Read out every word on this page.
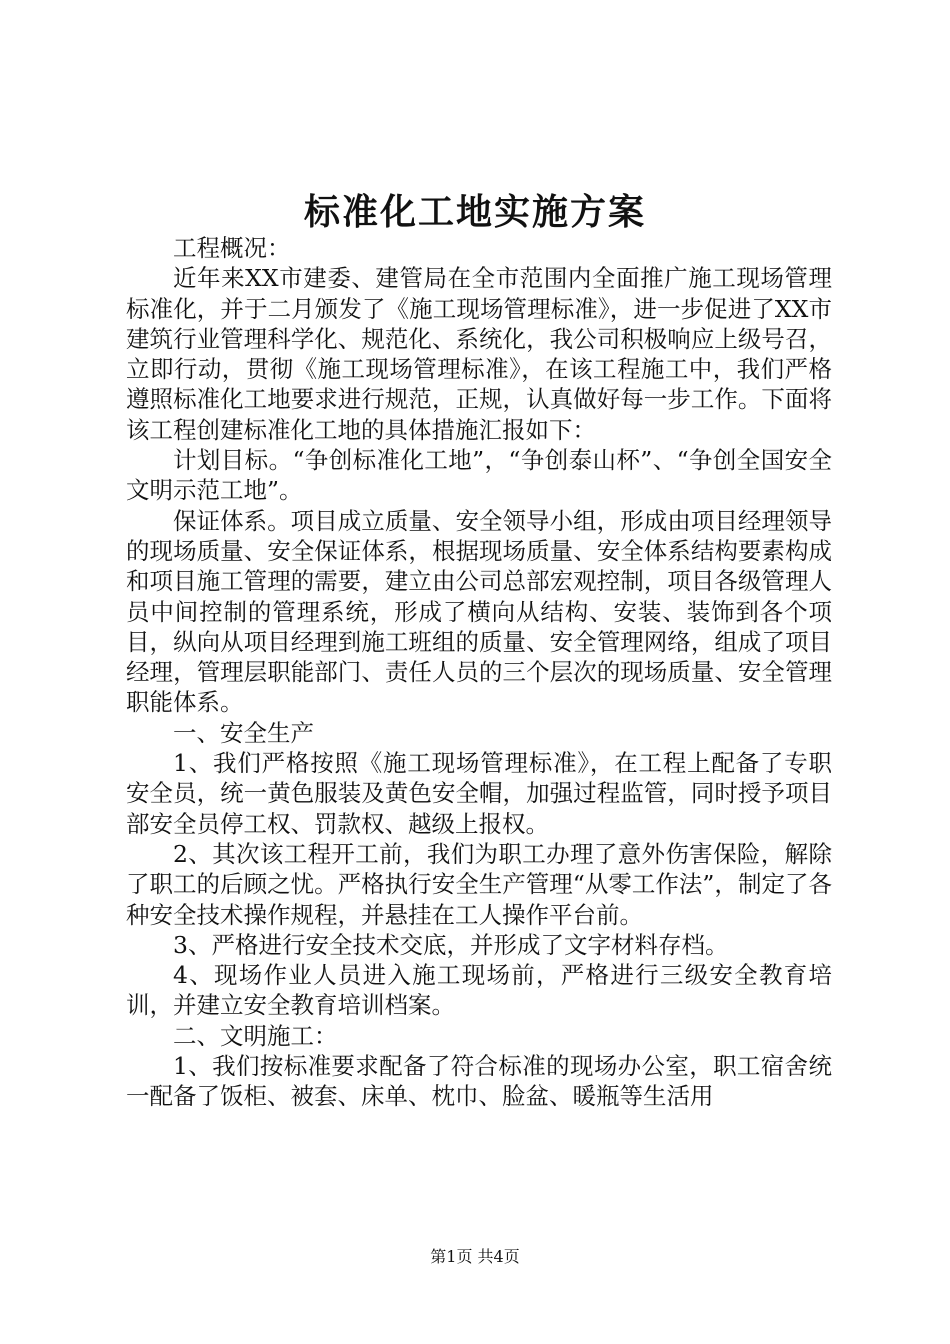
标准化工地实施方案

工程概况：

近年来XX市建委、建管局在全市范围内全面推广施工现场管理标准化，并于二月颁发了《施工现场管理标准》，进一步促进了XX市建筑行业管理科学化、规范化、系统化，我公司积极响应上级号召，立即行动，贯彻《施工现场管理标准》，在该工程施工中，我们严格遵照标准化工地要求进行规范，正规，认真做好每一步工作。下面将该工程创建标准化工地的具体措施汇报如下：

计划目标。“争创标准化工地”，“争创泰山杯”、“争创全国安全文明示范工地”。

保证体系。项目成立质量、安全领导小组，形成由项目经理领导的现场质量、安全保证体系，根据现场质量、安全体系结构要素构成和项目施工管理的需要，建立由公司总部宏观控制，项目各级管理人员中间控制的管理系统，形成了横向从结构、安装、装饰到各个项目，纵向从项目经理到施工班组的质量、安全管理网络，组成了项目经理，管理层职能部门、责任人员的三个层次的现场质量、安全管理职能体系。

一、安全生产

1、我们严格按照《施工现场管理标准》，在工程上配备了专职安全员，统一黄色服装及黄色安全帽，加强过程监管，同时授予项目部安全员停工权、罚款权、越级上报权。

2、其次该工程开工前，我们为职工办理了意外伤害保险，解除了职工的后顾之忧。严格执行安全生产管理“从零工作法”，制定了各种安全技术操作规程，并悬挂在工人操作平台前。

3、严格进行安全技术交底，并形成了文字材料存档。

4、现场作业人员进入施工现场前，严格进行三级安全教育培训，并建立安全教育培训档案。

二、文明施工：

1、我们按标准要求配备了符合标准的现场办公室，职工宿舍统一配备了饭柜、被套、床单、枕巾、脸盆、暖瓶等生活用

第1页 共4页
